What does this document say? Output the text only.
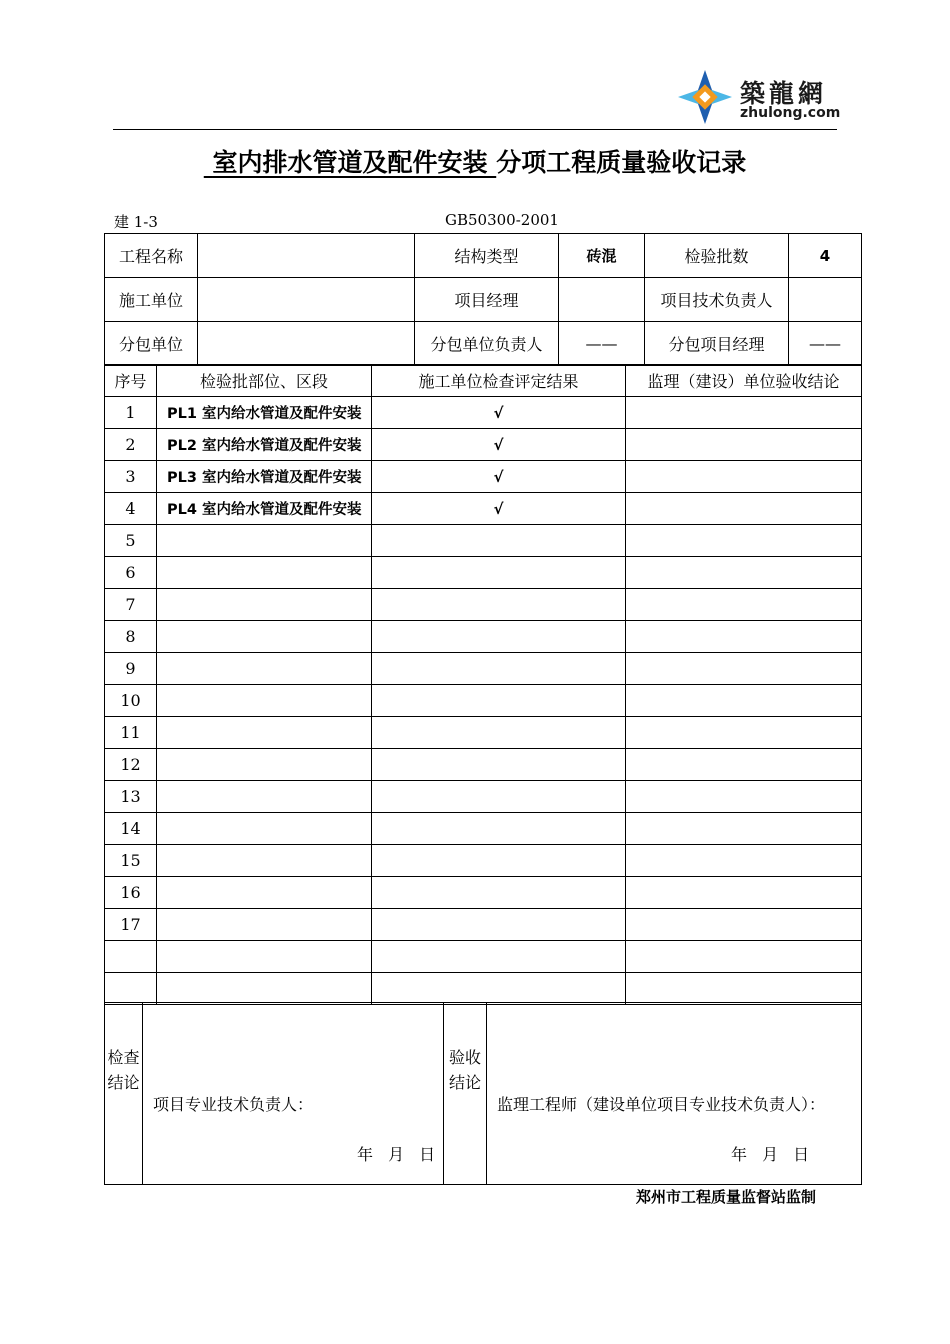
築龍網
zhulong.com
室内排水管道及配件安装 分项工程质量验收记录
建 1-3	GB50300-2001
工程名称		结构类型	砖混	检验批数	4
施工单位		项目经理		项目技术负责人	
分包单位		分包单位负责人	——	分包项目经理	——
序号	检验批部位、区段	施工单位检查评定结果	监理（建设）单位验收结论
1	PL1 室内给水管道及配件安装	√	
2	PL2 室内给水管道及配件安装	√	
3	PL3 室内给水管道及配件安装	√	
4	PL4 室内给水管道及配件安装	√	
5			
6			
7			
8			
9			
10			
11			
12			
13			
14			
15			
16			
17			

检查结论

项目专业技术负责人：
年 月 日

验收结论

监理工程师（建设单位项目专业技术负责人）：
年 月 日
郑州市工程质量监督站监制
